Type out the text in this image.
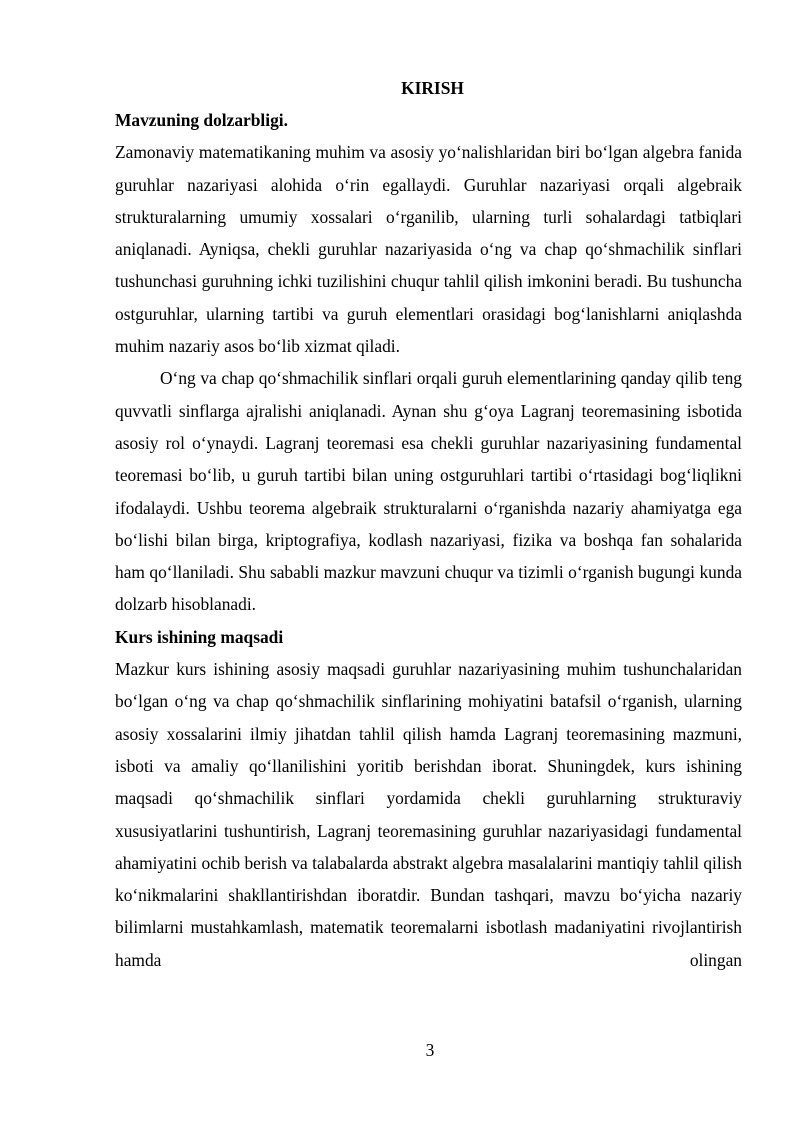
KIRISH

Mavzuning dolzarbligi.

Zamonaviy matematikaning muhim va asosiy yo‘nalishlaridan biri bo‘lgan algebra fanida guruhlar nazariyasi alohida o‘rin egallaydi. Guruhlar nazariyasi orqali algebraik strukturalarning umumiy xossalari o‘rganilib, ularning turli sohalardagi tatbiqlari aniqlanadi. Ayniqsa, chekli guruhlar nazariyasida o‘ng va chap qo‘shmachilik sinflari tushunchasi guruhning ichki tuzilishini chuqur tahlil qilish imkonini beradi. Bu tushuncha ostguruhlar, ularning tartibi va guruh elementlari orasidagi bog‘lanishlarni aniqlashda muhim nazariy asos bo‘lib xizmat qiladi.

O‘ng va chap qo‘shmachilik sinflari orqali guruh elementlarining qanday qilib teng quvvatli sinflarga ajralishi aniqlanadi. Aynan shu g‘oya Lagranj teoremasining isbotida asosiy rol o‘ynaydi. Lagranj teoremasi esa chekli guruhlar nazariyasining fundamental teoremasi bo‘lib, u guruh tartibi bilan uning ostguruhlari tartibi o‘rtasidagi bog‘liqlikni ifodalaydi. Ushbu teorema algebraik strukturalarni o‘rganishda nazariy ahamiyatga ega bo‘lishi bilan birga, kriptografiya, kodlash nazariyasi, fizika va boshqa fan sohalarida ham qo‘llaniladi. Shu sababli mazkur mavzuni chuqur va tizimli o‘rganish bugungi kunda dolzarb hisoblanadi.

Kurs ishining maqsadi

Mazkur kurs ishining asosiy maqsadi guruhlar nazariyasining muhim tushunchalaridan bo‘lgan o‘ng va chap qo‘shmachilik sinflarining mohiyatini batafsil o‘rganish, ularning asosiy xossalarini ilmiy jihatdan tahlil qilish hamda Lagranj teoremasining mazmuni, isboti va amaliy qo‘llanilishini yoritib berishdan iborat. Shuningdek, kurs ishining maqsadi qo‘shmachilik sinflari yordamida chekli guruhlarning strukturaviy xususiyatlarini tushuntirish, Lagranj teoremasining guruhlar nazariyasidagi fundamental ahamiyatini ochib berish va talabalarda abstrakt algebra masalalarini mantiqiy tahlil qilish ko‘nikmalarini shakllantirishdan iboratdir. Bundan tashqari, mavzu bo‘yicha nazariy bilimlarni mustahkamlash, matematik teoremalarni isbotlash madaniyatini rivojlantirish hamda olingan

3
